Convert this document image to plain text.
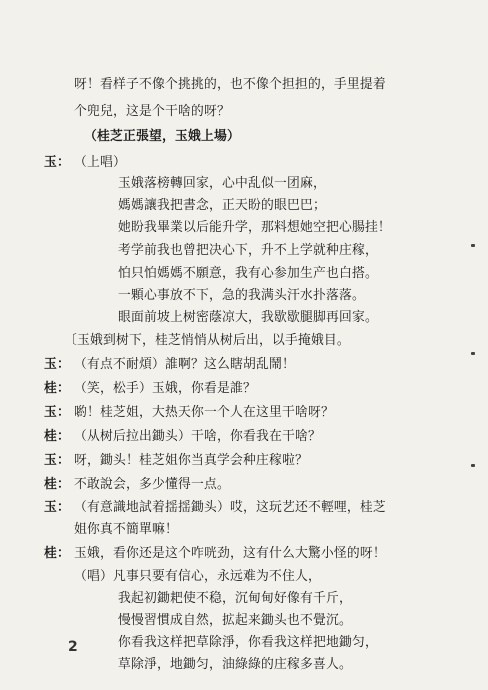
呀！看样子不像个挑挑的，也不像个担担的，手里提着
个兜兒，这是个干啥的呀？
（桂芝正張望，玉娥上場）
玉： （上唱）
玉娥落榜轉回家，心中乱似一团麻，
媽媽讓我把書念，正天盼的眼巴巴；
她盼我畢業以后能升学，那料想她空把心腸挂！
考学前我也曾把决心下，升不上学就种庄稼，
怕只怕媽媽不願意，我有心参加生产也白搭。
一顆心事放不下，急的我满头汗水扑落落。
眼面前坡上树密蔭凉大，我歇歇腿脚再回家。
〔玉娥到树下，桂芝悄悄从树后出，以手掩娥目。
玉： （有点不耐煩）誰啊？这么瞎胡乱鬧！
桂： （笑，松手）玉娥，你看是誰？
玉： 喲！桂芝姐，大热天你一个人在这里干啥呀？
桂： （从树后拉出鋤头）干啥，你看我在干啥？
玉： 呀，鋤头！桂芝姐你当真学会种庄稼啦？
桂： 不敢說会，多少懂得一点。
玉： （有意識地試着揺揺鋤头）哎，这玩艺还不輕哩，桂芝
姐你真不簡單嘛！
桂： 玉娥，看你还是这个咋咣劲，这有什么大驚小怪的呀！
（唱）凡事只要有信心，永远难为不住人，
我起初鋤耙使不稳，沉甸甸好像有千斤，
慢慢習慣成自然，拡起来鋤头也不覺沉。
你看我这样把草除淨，你看我这样把地鋤匀，
草除淨，地鋤匀，油綠綠的庄稼多喜人。
2
